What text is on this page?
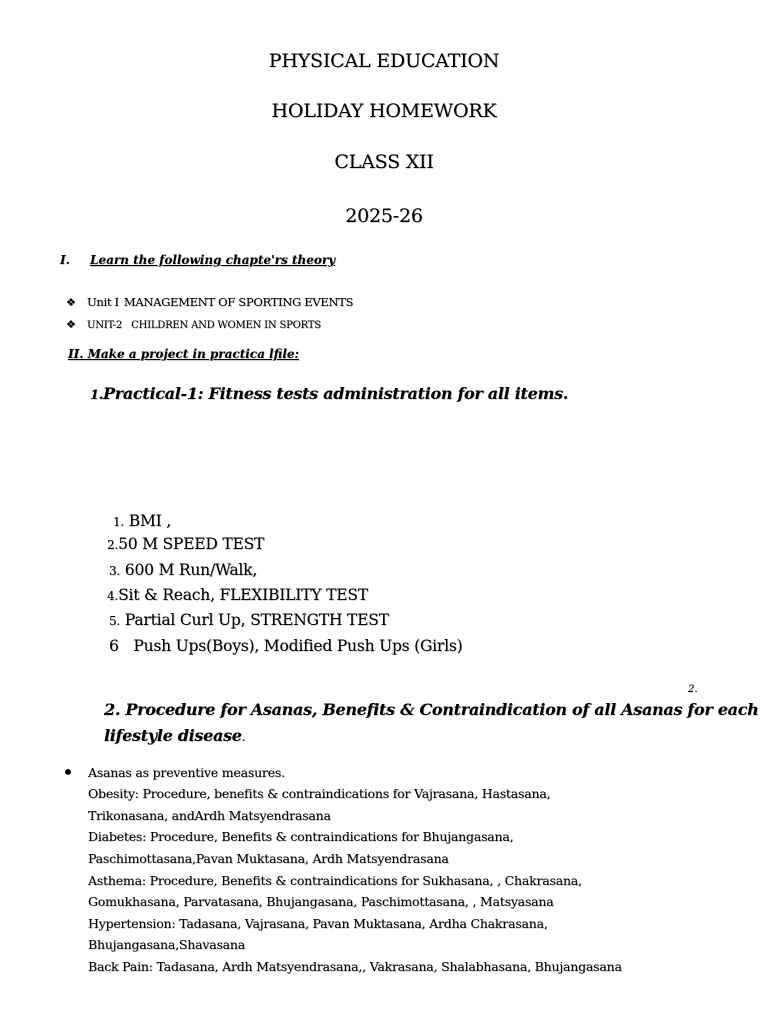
PHYSICAL EDUCATION
HOLIDAY HOMEWORK
CLASS XII
2025-26
I. Learn the following chapte'rs theory
❖ Unit I MANAGEMENT OF SPORTING EVENTS
❖ UNIT-2 CHILDREN AND WOMEN IN SPORTS
II. Make a project in practica lfile:
1.Practical-1: Fitness tests administration for all items.
1. BMI ,
2.50 M SPEED TEST
3. 600 M Run/Walk,
4.Sit & Reach, FLEXIBILITY TEST
5. Partial Curl Up, STRENGTH TEST
6 Push Ups(Boys), Modified Push Ups (Girls)
2.
2. Procedure for Asanas, Benefits & Contraindication of all Asanas for each
lifestyle disease.
• Asanas as preventive measures.
Obesity: Procedure, benefits & contraindications for Vajrasana, Hastasana,
Trikonasana, andArdh Matsyendrasana
Diabetes: Procedure, Benefits & contraindications for Bhujangasana,
Paschimottasana,Pavan Muktasana, Ardh Matsyendrasana
Asthema: Procedure, Benefits & contraindications for Sukhasana, , Chakrasana,
Gomukhasana, Parvatasana, Bhujangasana, Paschimottasana, , Matsyasana
Hypertension: Tadasana, Vajrasana, Pavan Muktasana, Ardha Chakrasana,
Bhujangasana,Shavasana
Back Pain: Tadasana, Ardh Matsyendrasana,, Vakrasana, Shalabhasana, Bhujangasana
